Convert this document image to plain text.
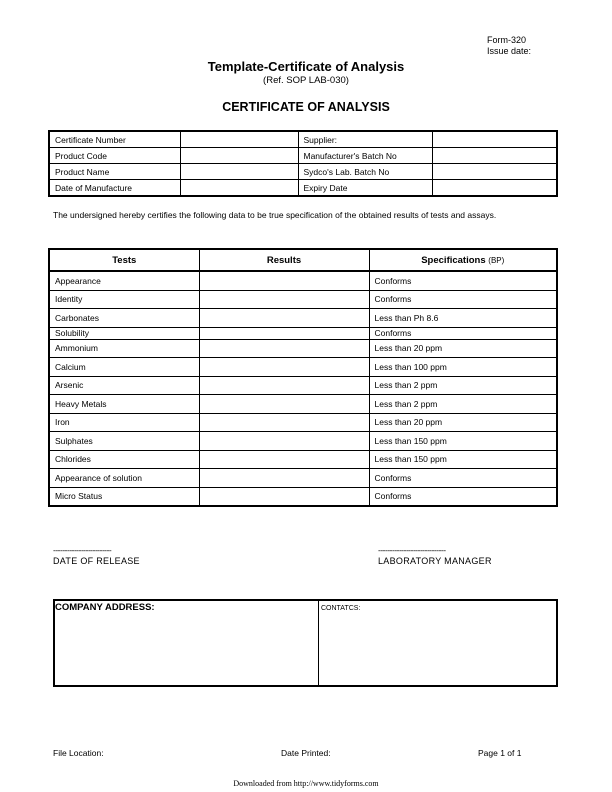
Form-320
Issue date:
Template-Certificate of Analysis
(Ref. SOP LAB-030)
CERTIFICATE OF ANALYSIS
Certificate Number		Supplier:	
Product Code		Manufacturer's Batch No	
Product Name		Sydco's Lab. Batch No	
Date of Manufacture		Expiry Date	
The undersigned hereby certifies the following data to be true specification of the obtained results of tests and assays.
Tests	Results	Specifications (BP)
Appearance		Conforms
Identity		Conforms
Carbonates		Less than Ph 8.6
Solubility		Conforms
Ammonium		Less than 20 ppm
Calcium		Less than 100 ppm
Arsenic		Less than 2 ppm
Heavy Metals		Less than 2 ppm
Iron		Less than 20 ppm
Sulphates		Less than 150 ppm
Chlorides		Less than 150 ppm
Appearance of solution		Conforms
Micro Status		Conforms
-------------------------
DATE OF RELEASE
-----------------------------
LABORATORY MANAGER
COMPANY ADDRESS:	CONTATCS:
File Location:	Date Printed:	Page 1 of 1
Downloaded from http://www.tidyforms.com
